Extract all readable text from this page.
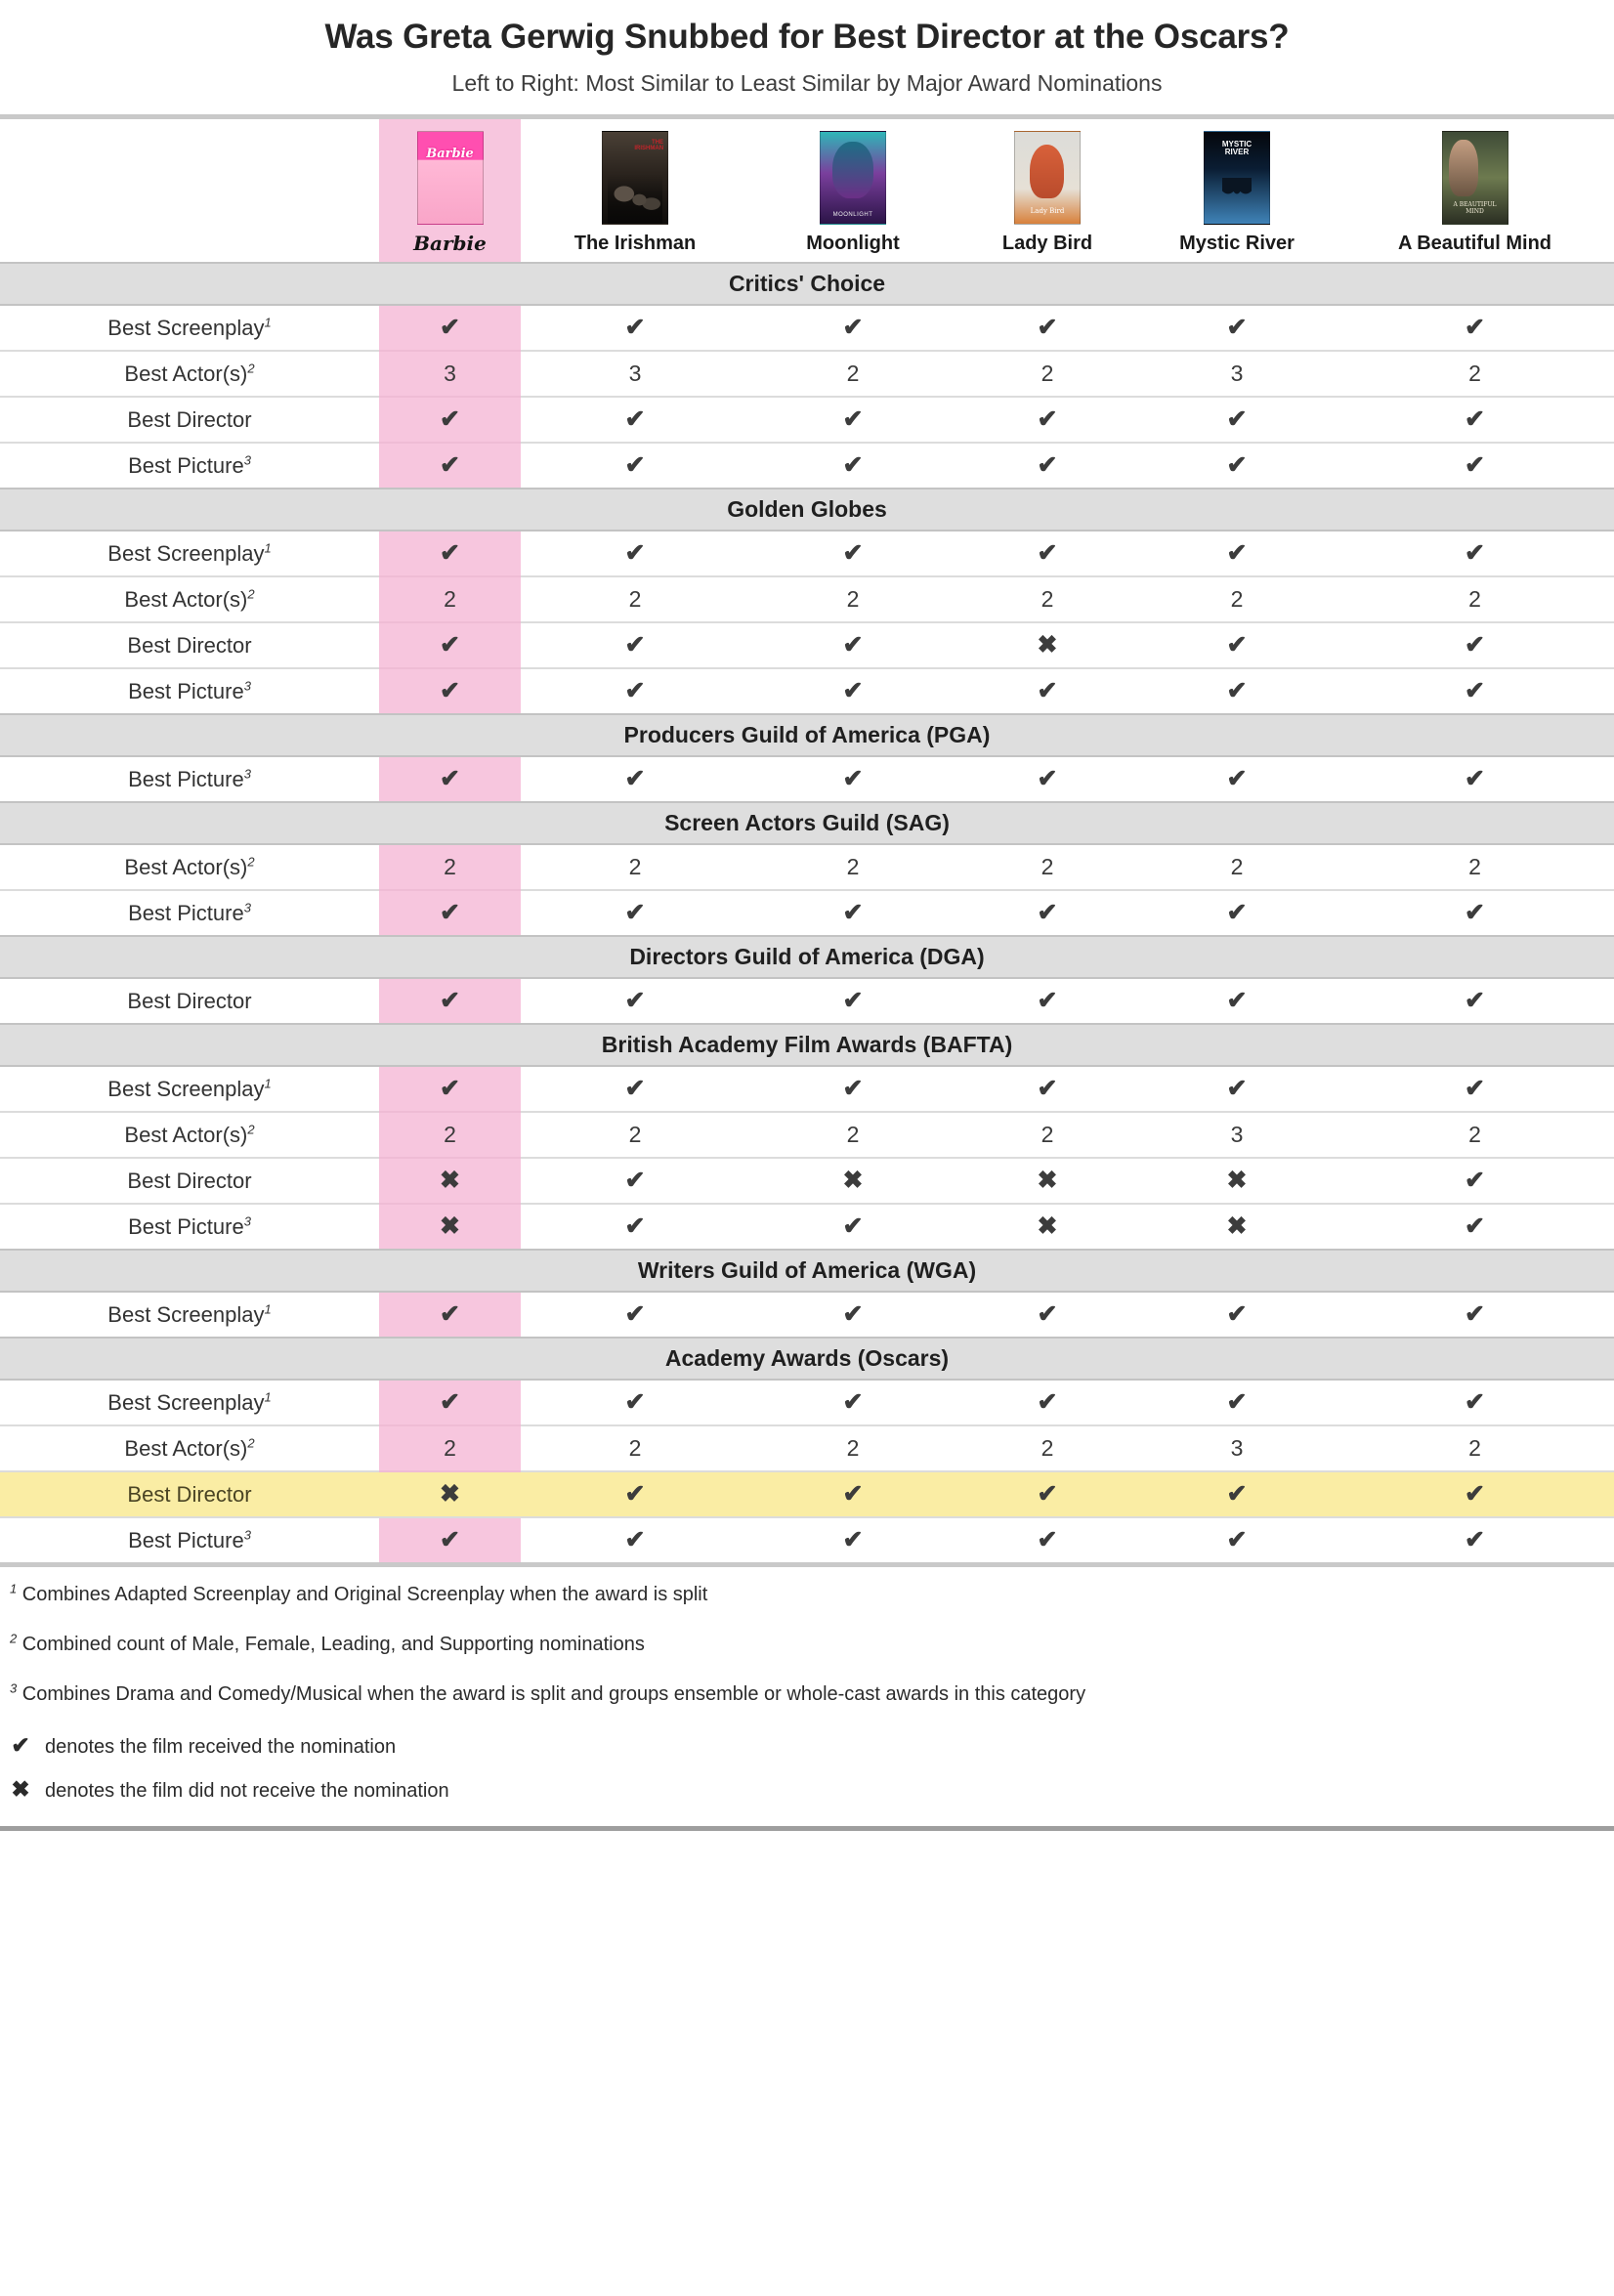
Was Greta Gerwig Snubbed for Best Director at the Oscars?
Left to Right: Most Similar to Least Similar by Major Award Nominations

Barbie
Barbie

THE IRISHMAN
The Irishman
MOONLIGHT Moonlight
Lady Bird Lady Bird
MYSTIC RIVER Mystic River
A BEAUTIFUL MIND A Beautiful Mind

Critics' Choice		
Best Screenplay$^1$	✔	✔ ✔ ✔ ✔ ✔

Best $Actor(s)^2$	3	3 2 2 3 2

Best Director	✔	✔ ✔ ✔ ✔ ✔

Best Picture$^3$	✔	✔ ✔ ✔ ✔ ✔

Golden Globes		
Best Screenplay$^1$	✔	✔ ✔ ✔ ✔ ✔

Best $Actor(s)^2$	2	2 2 2 2 2

Best Director	✔	✔ ✔ ✖ ✔ ✔

Best Picture$^3$	✔	✔ ✔ ✔ ✔ ✔

Producers Guild of America (PGA)		
Best Picture$^3$	✔	✔ ✔ ✔ ✔ ✔

Screen Actors Guild (SAG)		
Best $Actor(s)^2$	2	2 2 2 2 2

Best Picture$^3$	✔	✔ ✔ ✔ ✔ ✔

Directors Guild of America (DGA)		
Best Director	✔	✔ ✔ ✔ ✔ ✔

British Academy Film Awards (BAFTA)		
Best Screenplay$^1$	✔	✔ ✔ ✔ ✔ ✔

Best $Actor(s)^2$	2	2 2 2 3 2

Best Director	✖	✔ ✖ ✖ ✖ ✔

Best Picture$^3$	✖	✔ ✔ ✖ ✖ ✔

Writers Guild of America (WGA)		
Best Screenplay$^1$	✔	✔ ✔ ✔ ✔ ✔

Academy Awards (Oscars)		
Best Screenplay$^1$	✔	✔ ✔ ✔ ✔ ✔

Best $Actor(s)^2$	2	2 2 2 3 2

Best Director	✖	✔ ✔ ✔ ✔ ✔

Best Picture$^3$	✔	✔ ✔ ✔ ✔ ✔
$^1$ Combines Adapted Screenplay and Original Screenplay when the award is split
$^2$ Combined count of Male, Female, Leading, and Supporting nominations
$^3$ Combines Drama and Comedy/Musical when the award is split and groups ensemble or whole-cast awards in this category
✔ denotes the film received the nomination
✖ denotes the film did not receive the nomination
